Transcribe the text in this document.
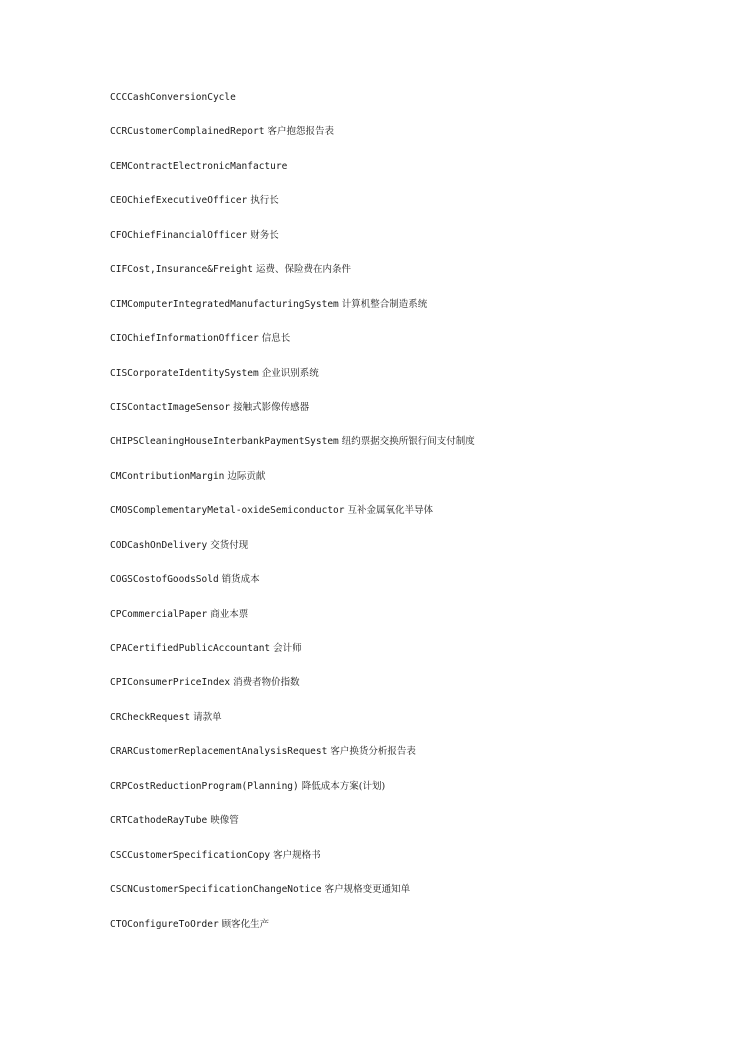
CCCCashConversionCycle
CCRCustomerComplainedReport 客户抱怨报告表
CEMContractElectronicManfacture
CEOChiefExecutiveOfficer 执行长
CFOChiefFinancialOfficer 财务长
CIFCost,Insurance&Freight 运费、保险费在内条件
CIMComputerIntegratedManufacturingSystem 计算机整合制造系统
CIOChiefInformationOfficer 信息长
CISCorporateIdentitySystem 企业识别系统
CISContactImageSensor 接触式影像传感器
CHIPSCleaningHouseInterbankPaymentSystem 纽约票据交换所银行间支付制度
CMContributionMargin 边际贡献
CMOSComplementaryMetal-oxideSemiconductor 互补金属氧化半导体
CODCashOnDelivery 交货付现
COGSCostofGoodsSold 销货成本
CPCommercialPaper 商业本票
CPACertifiedPublicAccountant 会计师
CPIConsumerPriceIndex 消费者物价指数
CRCheckRequest 请款单
CRARCustomerReplacementAnalysisRequest 客户换货分析报告表
CRPCostReductionProgram(Planning) 降低成本方案(计划)
CRTCathodeRayTube 映像管
CSCCustomerSpecificationCopy 客户规格书
CSCNCustomerSpecificationChangeNotice 客户规格变更通知单
CTOConfigureToOrder 顾客化生产
